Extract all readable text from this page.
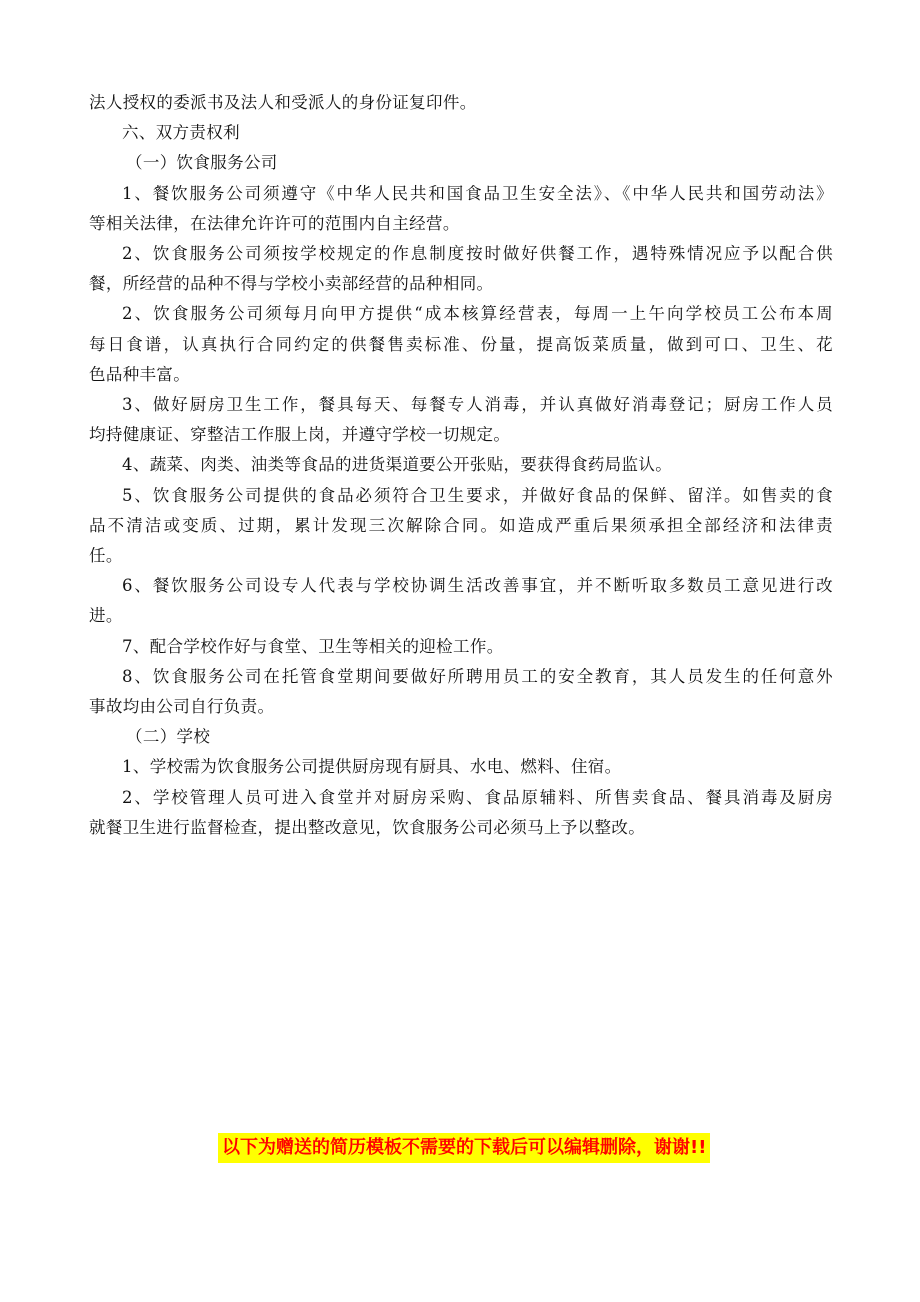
法人授权的委派书及法人和受派人的身份证复印件。
六、双方责权利
（一）饮食服务公司
1、餐饮服务公司须遵守《中华人民共和国食品卫生安全法》、《中华人民共和国劳动法》
等相关法律，在法律允许许可的范围内自主经营。
2、饮食服务公司须按学校规定的作息制度按时做好供餐工作，遇特殊情况应予以配合供
餐，所经营的品种不得与学校小卖部经营的品种相同。
2、饮食服务公司须每月向甲方提供“成本核算经营表，每周一上午向学校员工公布本周
每日食谱，认真执行合同约定的供餐售卖标准、份量，提高饭菜质量，做到可口、卫生、花
色品种丰富。
3、做好厨房卫生工作，餐具每天、每餐专人消毒，并认真做好消毒登记；厨房工作人员
均持健康证、穿整洁工作服上岗，并遵守学校一切规定。
4、蔬菜、肉类、油类等食品的进货渠道要公开张贴，要获得食药局监认。
5、饮食服务公司提供的食品必须符合卫生要求，并做好食品的保鲜、留洋。如售卖的食
品不清洁或变质、过期，累计发现三次解除合同。如造成严重后果须承担全部经济和法律责
任。
6、餐饮服务公司设专人代表与学校协调生活改善事宜，并不断听取多数员工意见进行改
进。
7、配合学校作好与食堂、卫生等相关的迎检工作。
8、饮食服务公司在托管食堂期间要做好所聘用员工的安全教育，其人员发生的任何意外
事故均由公司自行负责。
（二）学校
1、学校需为饮食服务公司提供厨房现有厨具、水电、燃料、住宿。
2、学校管理人员可进入食堂并对厨房采购、食品原辅料、所售卖食品、餐具消毒及厨房
就餐卫生进行监督检查，提出整改意见，饮食服务公司必须马上予以整改。
以下为赠送的简历模板不需要的下载后可以编辑删除，谢谢!!
